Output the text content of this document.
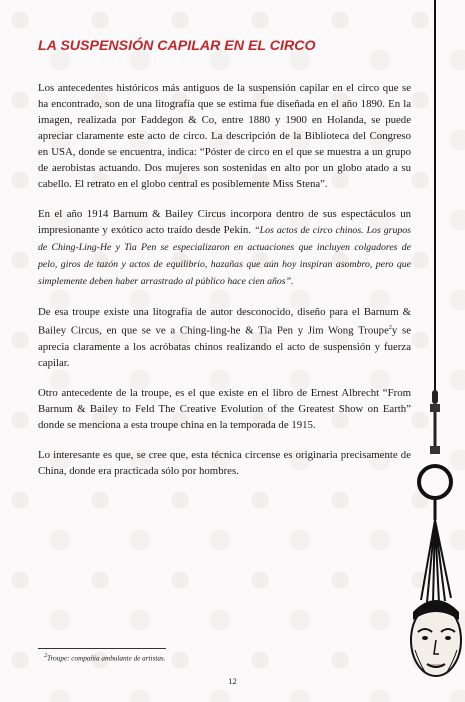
LA SUSPENSIÓN CAPILAR EN EL CIRCO

Los antecedentes históricos más antiguos de la suspensión capilar en el circo que se ha encontrado, son de una litografía que se estima fue diseñada en el año 1890. En la imagen, realizada por Faddegon & Co, entre 1880 y 1900 en Holanda, se puede apreciar claramente este acto de circo. La descripción de la Biblioteca del Congreso en USA, donde se encuentra, indica: “Póster de circo en el que se muestra a un grupo de aerobistas actuando. Dos mujeres son sostenidas en alto por un globo atado a su cabello. El retrato en el globo central es posiblemente Miss Stena”.

En el año 1914 Barnum & Bailey Circus incorpora dentro de sus espectáculos un impresionante y exótico acto traído desde Pekín. “Los actos de circo chinos. Los grupos de Ching-Ling-He y Tia Pen se especializaron en actuaciones que incluyen colgadores de pelo, giros de tazón y actos de equilibrio, hazañas que aún hoy inspiran asombro, pero que simplemente deben haber arrastrado al público hace cien años”.

De esa troupe existe una litografía de autor desconocido, diseño para el Barnum & Bailey Circus, en que se ve a Ching-ling-he & Tia Pen y Jim Wong Troupe$^2$y se aprecia claramente a los acróbatas chinos realizando el acto de suspensión y fuerza capilar.

Otro antecedente de la troupe, es el que existe en el libro de Ernest Albrecht “From Barnum & Bailey to Feld The Creative Evolution of the Greatest Show on Earth” donde se menciona a esta troupe china en la temporada de 1915.

Lo interesante es que, se cree que, esta técnica circense es originaria precisamente de China, donde era practicada sólo por hombres.

$^2$Troupe: compañía ambulante de artistas.
12
